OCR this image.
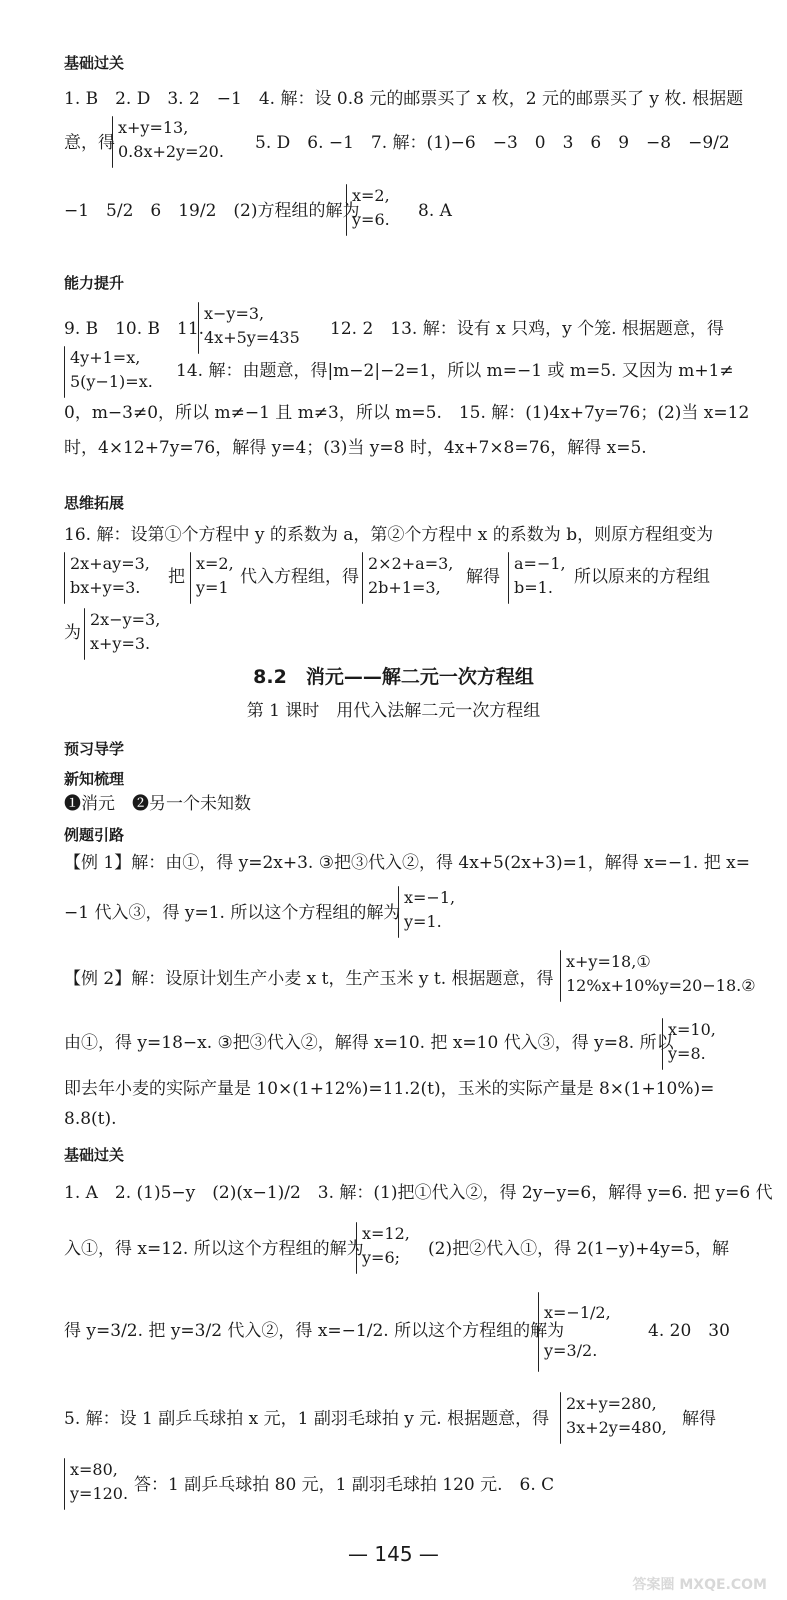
基础过关
能力提升
思维拓展
预习导学
新知梳理
例题引路
基础过关
1. B　2. D　3. 2　−1　4. 解：设 0.8 元的邮票买了 x 枚，2 元的邮票买了 y 枚. 根据题
意，得
x+y=13,
0.8x+2y=20. 5. D　6. −1　7. 解：(1)−6　−3　0　3　6　9　−8　−9/2
−1　5/2　6　19/2　(2)方程组的解为
x=2,
y=6. 8. A
9. B　10. B　11.
x−y=3,
4x+5y=435 12. 2　13. 解：设有 x 只鸡，y 个笼. 根据题意，得
4y+1=x,
5(y−1)=x.
14. 解：由题意，得|m−2|−2=1，所以 m=−1 或 m=5. 又因为 m+1≠
0，m−3≠0，所以 m≠−1 且 m≠3，所以 m=5.　15. 解：(1)4x+7y=76；(2)当 x=12
时，4×12+7y=76，解得 y=4；(3)当 y=8 时，4x+7×8=76，解得 x=5.
16. 解：设第①个方程中 y 的系数为 a，第②个方程中 x 的系数为 b，则原方程组变为
2x+ay=3,
bx+y=3.
把
x=2,
y=1
代入方程组，得
2×2+a=3,
2b+1=3,
解得
a=−1,
b=1.
所以原来的方程组
为
2x−y=3,
x+y=3.
8.2　消元——解二元一次方程组
第 1 课时　用代入法解二元一次方程组
❶消元　❷另一个未知数
【例 1】解：由①，得 y=2x+3. ③把③代入②，得 4x+5(2x+3)=1，解得 x=−1. 把 x=
−1 代入③，得 y=1. 所以这个方程组的解为
x=−1,
y=1.
【例 2】解：设原计划生产小麦 x t，生产玉米 y t. 根据题意，得
x+y=18,①
12%x+10%y=20−18.②
由①，得 y=18−x. ③把③代入②，解得 x=10. 把 x=10 代入③，得 y=8. 所以
x=10,
y=8.
即去年小麦的实际产量是 10×(1+12%)=11.2(t)，玉米的实际产量是 8×(1+10%)=
8.8(t).
1. A　2. (1)5−y　(2)(x−1)/2　3. 解：(1)把①代入②，得 2y−y=6，解得 y=6. 把 y=6 代
入①，得 x=12. 所以这个方程组的解为
x=12,
y=6;	(2)把②代入①，得 2(1−y)+4y=5，解
得 y=3/2. 把 y=3/2 代入②，得 x=−1/2. 所以这个方程组的解为
x=−1/2,
y=3/2.
4. 20　30
5. 解：设 1 副乒乓球拍 x 元，1 副羽毛球拍 y 元. 根据题意，得
2x+y=280,
3x+2y=480, 解得
x=80,
y=120. 答：1 副乒乓球拍 80 元，1 副羽毛球拍 120 元.　6. C
— 145 —
答案圈 MXQE.COM
